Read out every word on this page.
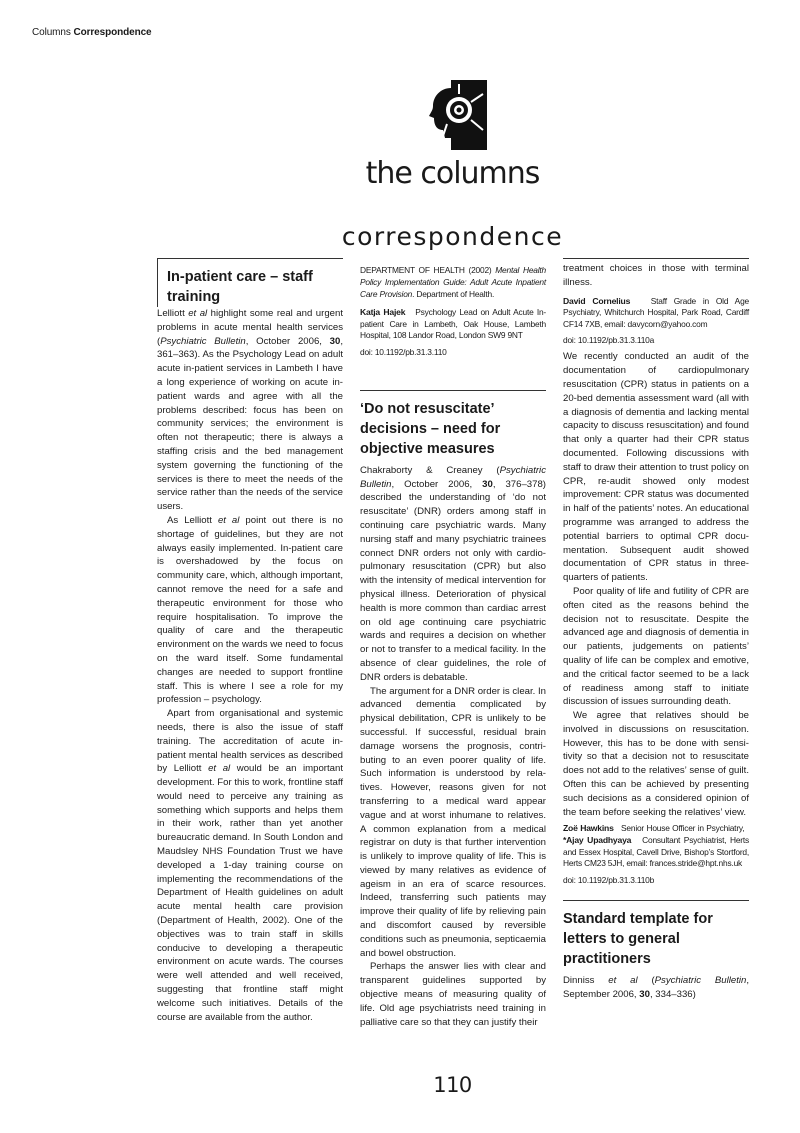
Columns Correspondence
the columns
correspondence
In-patient care – staff training

Lelliott et al highlight some real and urgent problems in acute mental health services (Psychiatric Bulletin, October 2006, 30, 361–363). As the Psychology Lead on adult acute in-patient services in Lambeth I have a long experience of working on acute in-patient wards and agree with all the problems described: focus has been on community services; the environment is often not therapeutic; there is always a staffing crisis and the bed management system governing the functioning of the services is there to meet the needs of the service rather than the needs of the service users.

As Lelliott et al point out there is no shortage of guidelines, but they are not always easily implemented. In-patient care is overshadowed by the focus on community care, which, although important, cannot remove the need for a safe and therapeutic environment for those who require hospitalisation. To improve the quality of care and the therapeutic environment on the wards we need to focus on the ward itself. Some fundamental changes are needed to support frontline staff. This is where I see a role for my profession – psychology.

Apart from organisational and systemic needs, there is also the issue of staff training. The accreditation of acute in-patient mental health services as described by Lelliott et al would be an important development. For this to work, frontline staff would need to perceive any training as something which supports and helps them in their work, rather than yet another bureaucratic demand. In South London and Maudsley NHS Foundation Trust we have developed a 1-day training course on implementing the recommendations of the Department of Health guidelines on adult acute mental health care provision (Department of Health, 2002). One of the objectives was to train staff in skills conducive to developing a therapeutic environment on acute wards. The courses were well attended and well received, suggesting that frontline staff might welcome such initiatives. Details of the course are available from the author.

DEPARTMENT OF HEALTH (2002) Mental Health Policy Implementation Guide: Adult Acute Inpatient Care Provision. Department of Health.

Katja Hajek Psychology Lead on Adult Acute In-patient Care in Lambeth, Oak House, Lambeth Hospital, 108 Landor Road, London SW9 9NT

doi: 10.1192/pb.31.3.110
‘Do not resuscitate’ decisions – need for objective measures

Chakraborty & Creaney (Psychiatric Bulletin, October 2006, 30, 376–378) described the understanding of ‘do not resuscitate’ (DNR) orders among staff in continuing care psychiatric wards. Many nursing staff and many psychiatric trainees connect DNR orders not only with cardiopulmonary resuscitation (CPR) but also with the intensity of medical intervention for physical illness. Deterioration of physical health is more common than cardiac arrest on old age continuing care psychiatric wards and requires a decision on whether or not to transfer to a medical facility. In the absence of clear guidelines, the role of DNR orders is debatable.

The argument for a DNR order is clear. In advanced dementia complicated by physical debilitation, CPR is unlikely to be successful. If successful, residual brain damage worsens the prognosis, contributing to an even poorer quality of life. Such information is understood by relatives. However, reasons given for not transferring to a medical ward appear vague and at worst inhumane to relatives. A common explanation from a medical registrar on duty is that further intervention is unlikely to improve quality of life. This is viewed by many relatives as evidence of ageism in an era of scarce resources. Indeed, transferring such patients may improve their quality of life by relieving pain and discomfort caused by reversible conditions such as pneumonia, septicaemia and bowel obstruction.

Perhaps the answer lies with clear and transparent guidelines supported by objective means of measuring quality of life. Old age psychiatrists need training in palliative care so that they can justify their

treatment choices in those with terminal illness.

David Cornelius Staff Grade in Old Age Psychiatry, Whitchurch Hospital, Park Road, Cardiff CF14 7XB, email: davycorn@yahoo.com

doi: 10.1192/pb.31.3.110a

We recently conducted an audit of the documentation of cardiopulmonary resuscitation (CPR) status in patients on a 20-bed dementia assessment ward (all with a diagnosis of dementia and lacking mental capacity to discuss resuscitation) and found that only a quarter had their CPR status documented. Following discussions with staff to draw their attention to trust policy on CPR, re-audit showed only modest improvement: CPR status was documented in half of the patients’ notes. An educational programme was arranged to address the potential barriers to optimal CPR documentation. Subsequent audit showed documentation of CPR status in three-quarters of patients.

Poor quality of life and futility of CPR are often cited as the reasons behind the decision not to resuscitate. Despite the advanced age and diagnosis of dementia in our patients, judgements on patients’ quality of life can be complex and emotive, and the critical factor seemed to be a lack of readiness among staff to initiate discussion of issues surrounding death.

We agree that relatives should be involved in discussions on resuscitation. However, this has to be done with sensitivity so that a decision not to resuscitate does not add to the relatives’ sense of guilt. Often this can be achieved by presenting such decisions as a considered opinion of the team before seeking the relatives’ view.

Zoë Hawkins Senior House Officer in Psychiatry,   *Ajay Upadhyaya Consultant Psychiatrist, Herts and Essex Hospital, Cavell Drive, Bishop’s Stortford, Herts CM23 5JH, email: frances.stride@hpt.nhs.uk

doi: 10.1192/pb.31.3.110b
Standard template for letters to general practitioners

Dinniss et al (Psychiatric Bulletin, September 2006, 30, 334–336)

110
